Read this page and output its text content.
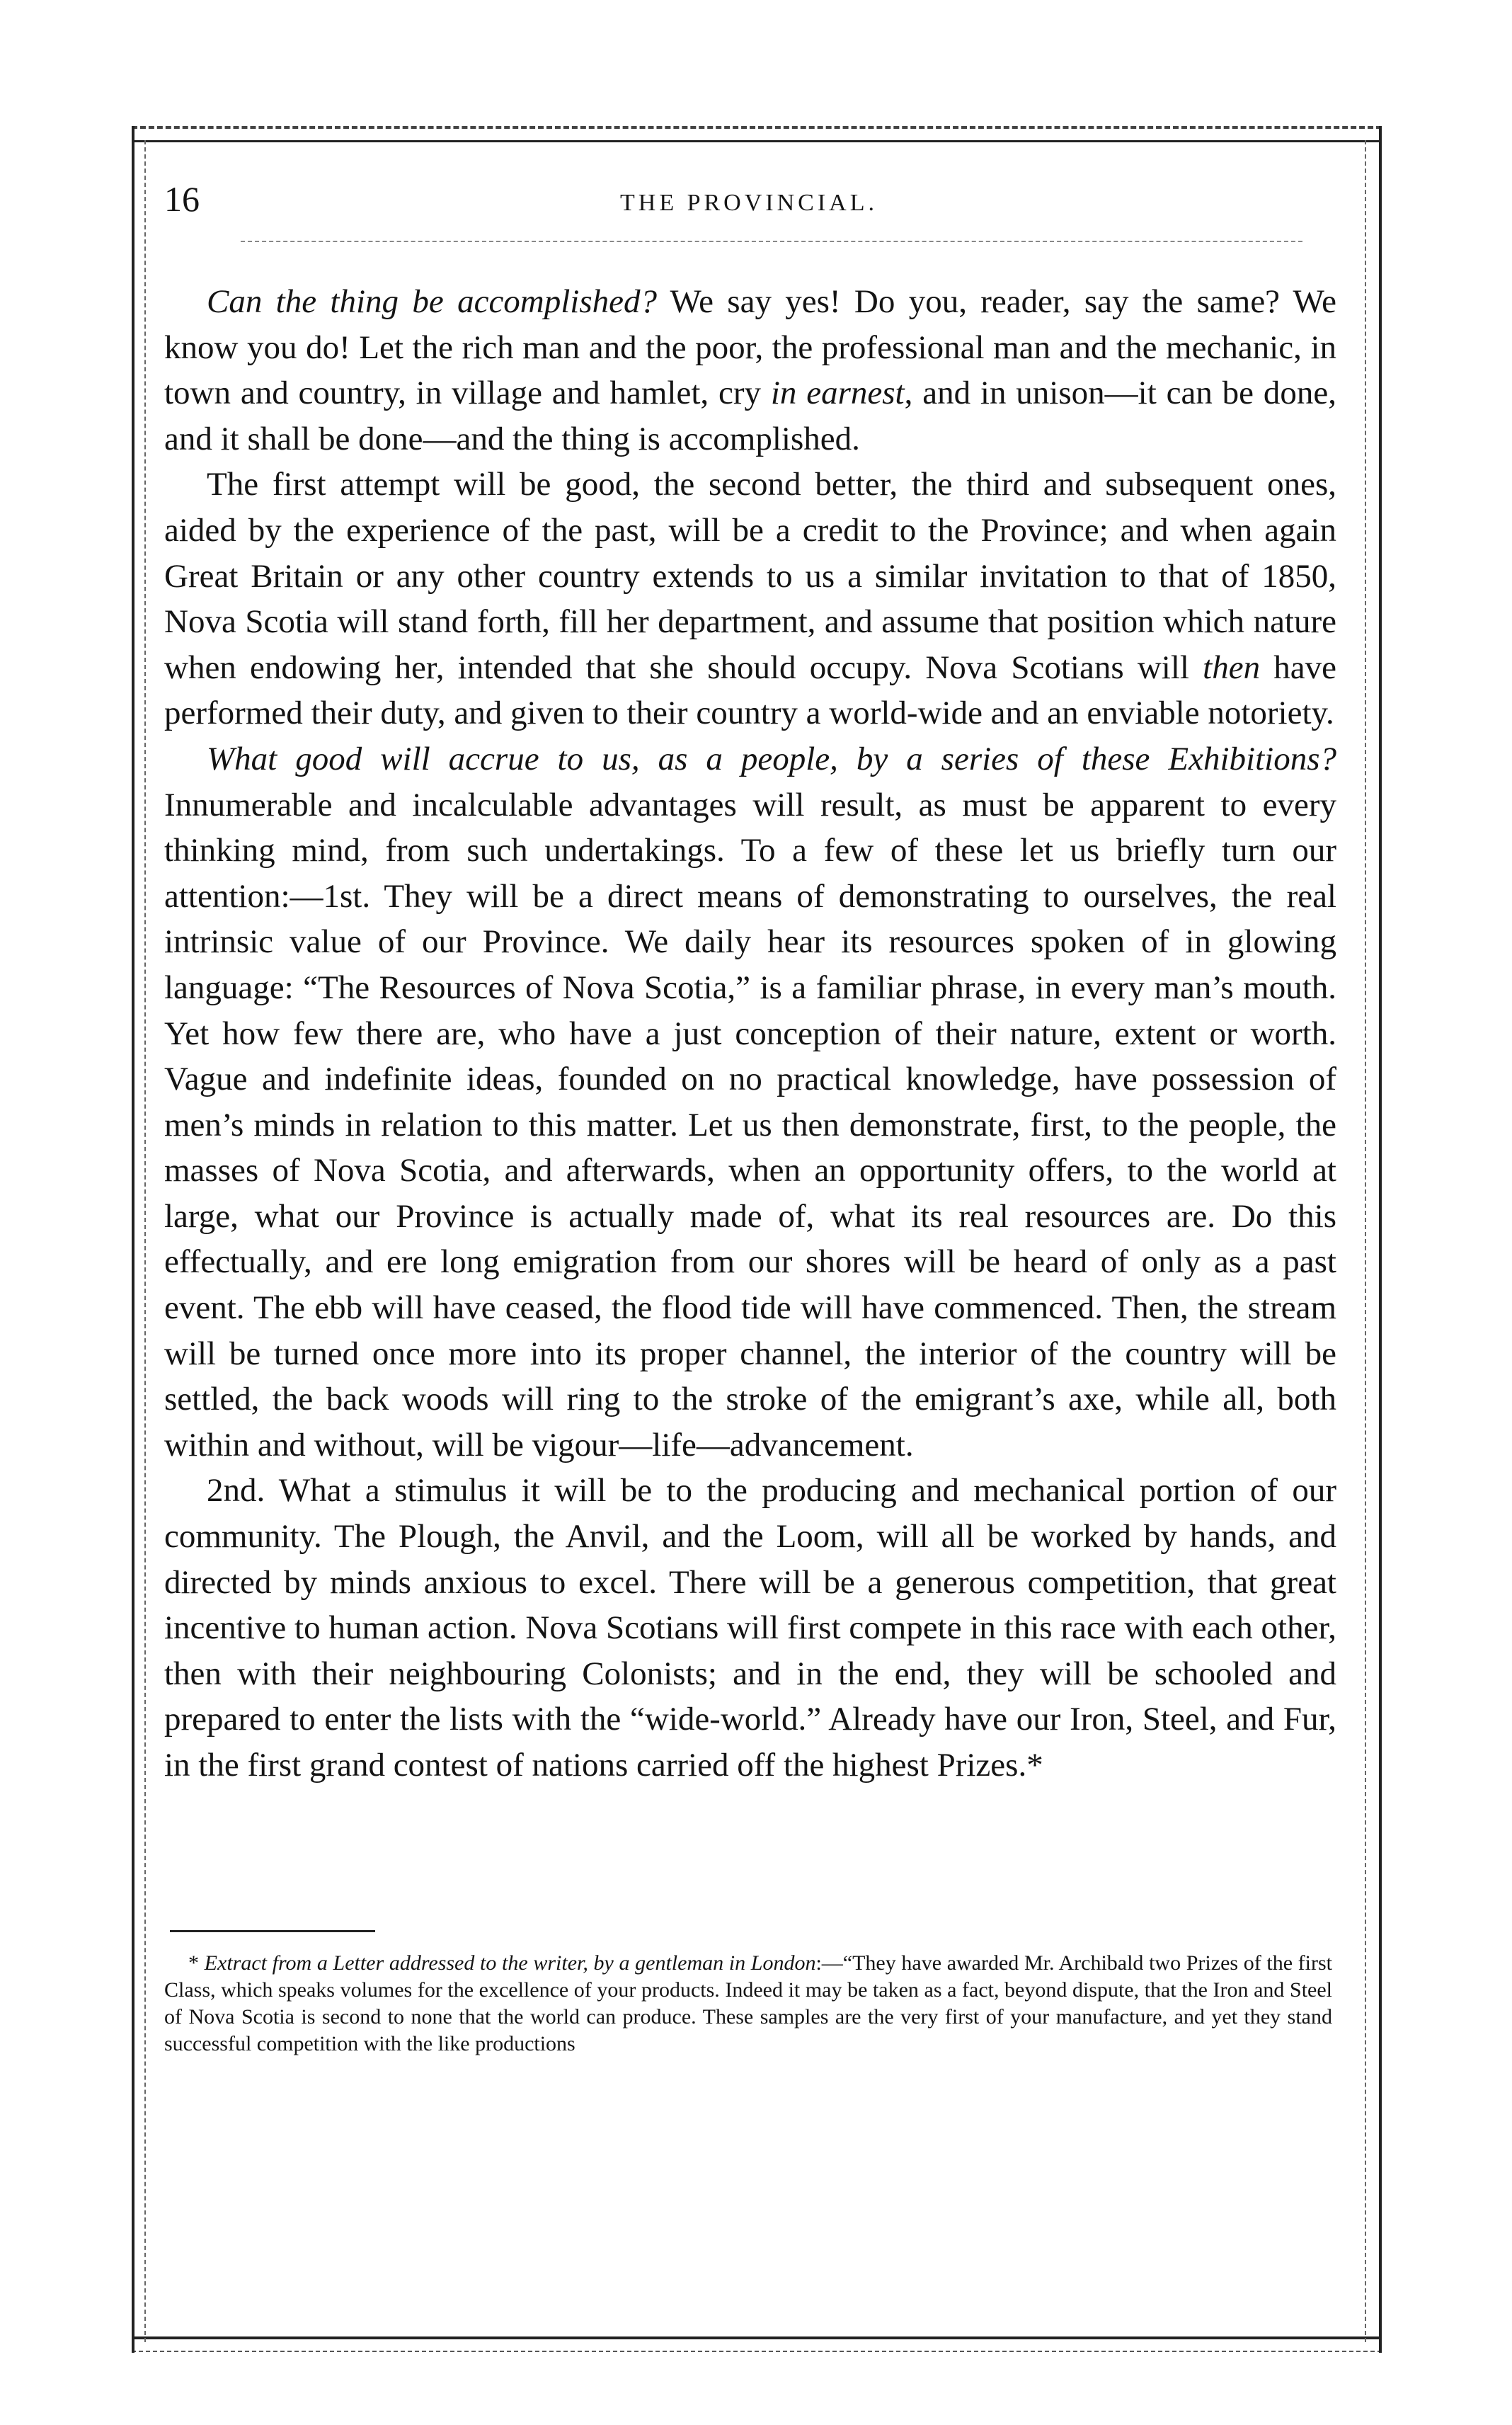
16	THE PROVINCIAL.

Can the thing be accomplished? We say yes! Do you, reader, say the same? We know you do! Let the rich man and the poor, the professional man and the mechanic, in town and country, in village and hamlet, cry in earnest, and in unison—it can be done, and it shall be done—and the thing is accomplished.

The first attempt will be good, the second better, the third and subsequent ones, aided by the experience of the past, will be a credit to the Province; and when again Great Britain or any other country extends to us a similar invitation to that of 1850, Nova Scotia will stand forth, fill her department, and assume that position which nature when endowing her, intended that she should occupy. Nova Scotians will then have performed their duty, and given to their country a world-wide and an enviable notoriety.

What good will accrue to us, as a people, by a series of these Exhibitions? Innumerable and incalculable advantages will result, as must be apparent to every thinking mind, from such undertakings. To a few of these let us briefly turn our attention:—1st. They will be a direct means of demonstrating to ourselves, the real intrinsic value of our Province. We daily hear its resources spoken of in glowing language: “The Resources of Nova Scotia,” is a familiar phrase, in every man’s mouth. Yet how few there are, who have a just conception of their nature, extent or worth. Vague and indefinite ideas, founded on no practical knowledge, have possession of men’s minds in relation to this matter. Let us then demonstrate, first, to the people, the masses of Nova Scotia, and afterwards, when an opportunity offers, to the world at large, what our Province is actually made of, what its real resources are. Do this effectually, and ere long emigration from our shores will be heard of only as a past event. The ebb will have ceased, the flood tide will have commenced. Then, the stream will be turned once more into its proper channel, the interior of the country will be settled, the back woods will ring to the stroke of the emigrant’s axe, while all, both within and without, will be vigour—life—advancement.

2nd. What a stimulus it will be to the producing and mechanical portion of our community. The Plough, the Anvil, and the Loom, will all be worked by hands, and directed by minds anxious to excel. There will be a generous competition, that great incentive to human action. Nova Scotians will first compete in this race with each other, then with their neighbouring Colonists; and in the end, they will be schooled and prepared to enter the lists with the “wide-world.” Already have our Iron, Steel, and Fur, in the first grand contest of nations carried off the highest Prizes.*

* Extract from a Letter addressed to the writer, by a gentleman in London:—“They have awarded Mr. Archibald two Prizes of the first Class, which speaks volumes for the excellence of your products. Indeed it may be taken as a fact, beyond dispute, that the Iron and Steel of Nova Scotia is second to none that the world can produce. These samples are the very first of your manufacture, and yet they stand successful competition with the like productions
